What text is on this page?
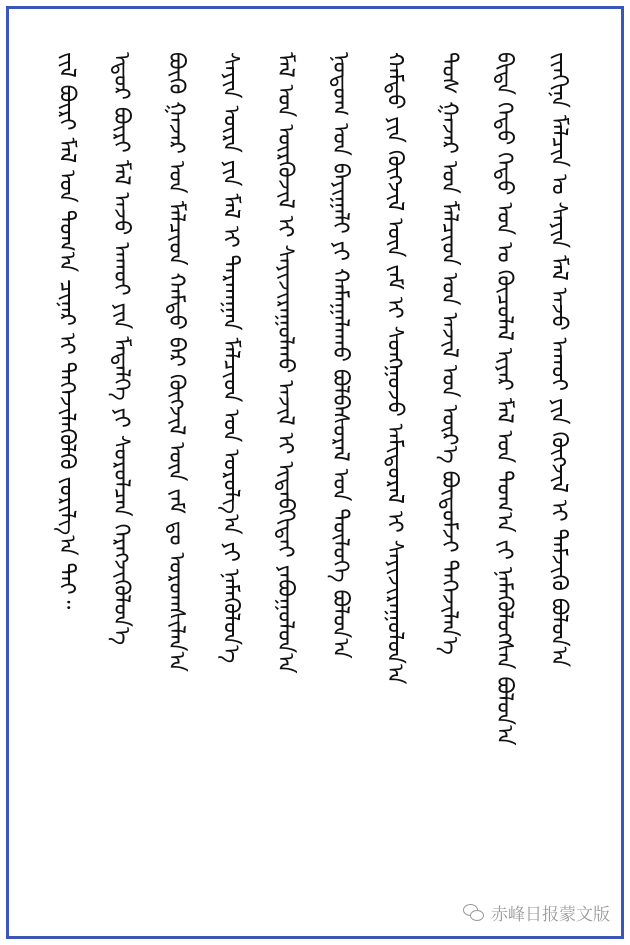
ᠵᠢᠨᠬᠢᠨᠡ ᠮᠠᠯᠴᠢᠨ ᠤ ᠰᠠᠶᠢᠨ ᠮᠠᠯ ᠠᠵᠤ ᠠᠬᠤᠢ ᠶᠢᠨ ᠬᠥᠭᠵᠢᠯ ᠢ ᠳᠡᠮᠵᠢᠬᠦ ᠪᠣᠯᠤᠨ᠎ᠠ
ᠪᠢᠳᠡ ᠬᠡᠳᠦ ᠬᠡᠳᠦ ᠣᠨ ᠤ ᠬᠦᠴᠦᠯᠡᠯ ᠢᠶᠡᠷ ᠮᠠᠯ ᠤᠨ ᠲᠣᠭ᠎ᠠ ᠵᠢ ᠨᠡᠮᠡᠭᠦᠯᠦᠭᠰᠡᠨ ᠪᠣᠯᠤᠨ᠎ᠠ
ᠲᠣᠰ ᠭᠠᠵᠠᠷ ᠤᠨ ᠮᠠᠯᠴᠢᠳ ᠤᠨ ᠠᠵᠢᠯ ᠤᠨ ᠦᠷ᠎ᠡ ᠪᠦᠲᠦᠮᠵᠢ ᠳᠡᠭᠡᠵᠢᠯᠡᠨ᠎ᠡ
ᠬᠠᠮᠲᠤ ᠶᠢᠨ ᠬᠥᠭᠵᠢᠯ ᠦᠨ ᠵᠠᠮ ᠢ ᠰᠣᠩᠭᠣᠵᠤ ᠠᠮᠢᠳᠤᠷᠠᠯ ᠢ ᠰᠠᠶᠢᠵᠢᠷᠠᠭᠤᠯᠤᠨ᠎ᠠ
ᠨᠤᠲᠤᠭ ᠤᠨ ᠪᠠᠶᠢᠭᠠᠯᠢ ᠶᠢ ᠬᠠᠮᠠᠭᠠᠯᠠᠬᠤ ᠪᠣᠯᠪᠠᠰᠤᠷᠠᠯ ᠤᠨ ᠲᠥᠯᠦᠭᠡ ᠪᠣᠯᠤᠨ᠎ᠠ
ᠮᠠᠯ ᠤᠨ ᠦᠷᠭᠦᠵᠢᠯ ᠢ ᠰᠠᠶᠢᠵᠢᠷᠠᠭᠤᠯᠬᠤ ᠠᠵᠢᠯ ᠢ ᠢᠳᠡᠪᠬᠢᠲᠡᠶ ᠶᠠᠪᠤᠭᠤᠯᠤᠨ᠎ᠠ
ᠰᠠᠶᠢᠨ ᠦᠷᠡ ᠶᠢᠨ ᠮᠠᠯ ᠢ ᠲᠠᠷᠬᠠᠭᠠᠨ ᠮᠠᠯᠴᠢᠳ ᠤᠨ ᠣᠷᠣᠯᠭ᠎ᠠ ᠶᠢ ᠨᠡᠮᠡᠭᠦᠯᠦᠨ᠎ᠡ
ᠪᠦᠬᠦ ᠭᠠᠵᠠᠷ ᠤᠨ ᠮᠠᠯᠴᠢᠳ ᠬᠠᠮᠲᠤ ᠪᠡᠷ ᠬᠥᠭᠵᠢᠯ ᠦᠨ ᠵᠠᠮ ᠳᠤ ᠤᠷᠤᠭᠰᠢᠯᠠᠨ᠎ᠠ
ᠡᠳᠦᠷ ᠪᠦᠷᠢ ᠮᠠᠯ ᠠᠵᠤ ᠠᠬᠤᠢ ᠶᠢᠨ ᠮᠡᠳᠡᠯᠭᠡ ᠶᠢ ᠰᠤᠷᠤᠯᠴᠠᠨ ᠬᠡᠷᠡᠭᠵᠢᠭᠦᠯᠦᠨ᠎ᠡ
ᠵᠢᠯ ᠪᠦᠷᠢ ᠮᠠᠯ ᠤᠨ ᠲᠣᠭ᠎ᠠ ᠴᠢᠨᠠᠷ ᠢ ᠳᠡᠭᠡᠵᠢᠯᠡᠭᠦᠯᠬᠦ ᠵᠣᠷᠢᠯᠭ᠎ᠠ ᠲᠠᠢ᠃
赤峰日报蒙文版
